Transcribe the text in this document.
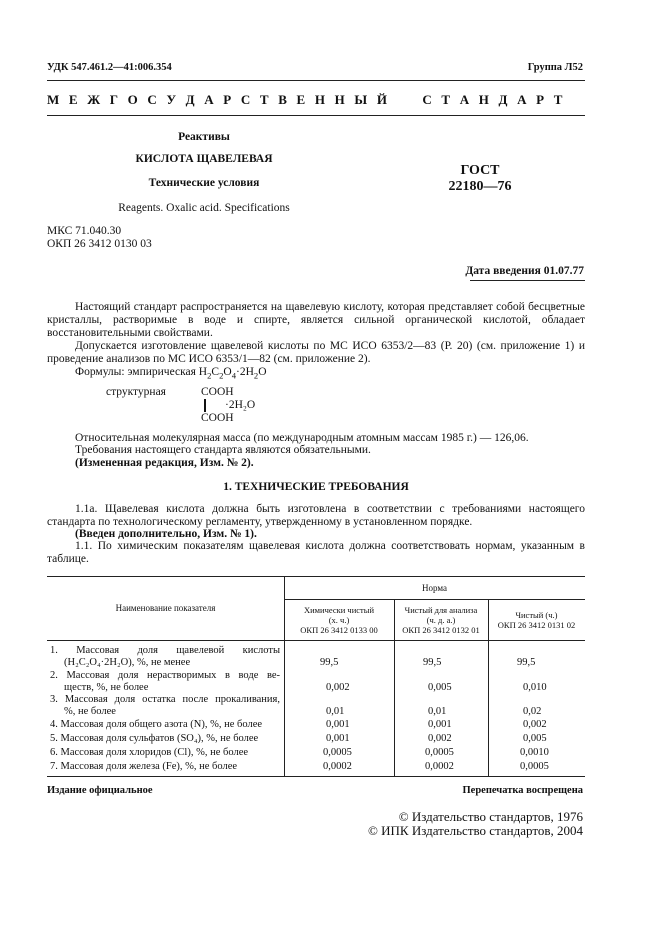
УДК 547.461.2—41:006.354	Группа Л52
М Е Ж Г О С У Д А Р С Т В Е Н Н Ы Й     С Т А Н Д А Р Т
Реактивы
КИСЛОТА ЩАВЕЛЕВАЯ
Технические условия
Reagents. Oxalic acid. Specifications
ГОСТ
22180—76
МКС 71.040.30
ОКП 26 3412 0130 03
Дата введения 01.07.77
Настоящий стандарт распространяется на щавелевую кислоту, которая представляет собой бесцветные кристаллы, растворимые в воде и спирте, является сильной органической кислотой, обладает восстановительными свойствами.
Допускается изготовление щавелевой кислоты по МС ИСО 6353/2—83 (Р. 20) (см. приложение 1) и проведение анализов по МС ИСО 6353/1—82 (см. приложение 2).
Формулы: эмпирическая $H_2C_2O_4\cdot 2H_2O$
структурная	COOH
·2H₂O
COOH
Относительная молекулярная масса (по международным атомным массам 1985 г.) — 126,06.
Требования настоящего стандарта являются обязательными.
(Измененная редакция, Изм. № 2).
1. ТЕХНИЧЕСКИЕ ТРЕБОВАНИЯ
1.1а. Щавелевая кислота должна быть изготовлена в соответствии с требованиями настоящего стандарта по технологическому регламенту, утвержденному в установленном порядке.
(Введен дополнительно, Изм. № 1).
1.1. По химическим показателям щавелевая кислота должна соответствовать нормам, указанным в таблице.
Наименование показателя
Норма
Химически чистый
(х. ч.)
ОКП 26 3412 0133 00
Чистый для анализа
(ч. д. а.)
ОКП 26 3412 0132 01
Чистый (ч.)
ОКП 26 3412 0131 02
1. Массовая доля щавелевой кислоты
(H₂C₂O₄·2H₂O), %, не менее	99,5	99,5	99,5
2. Массовая доля нерастворимых в воде ве-
ществ, %, не более	0,002	0,005	0,010
3. Массовая доля остатка после прокаливания,
%, не более	0,01	0,01	0,02
4. Массовая доля общего азота (N), %, не более	0,001	0,001	0,002
5. Массовая доля сульфатов (SO₄), %, не более	0,001	0,002	0,005
6. Массовая доля хлоридов (Cl), %, не более	0,0005	0,0005	0,0010
7. Массовая доля железа (Fe), %, не более	0,0002	0,0002	0,0005
Издание официальное	Перепечатка воспрещена
© Издательство стандартов, 1976
© ИПК Издательство стандартов, 2004
